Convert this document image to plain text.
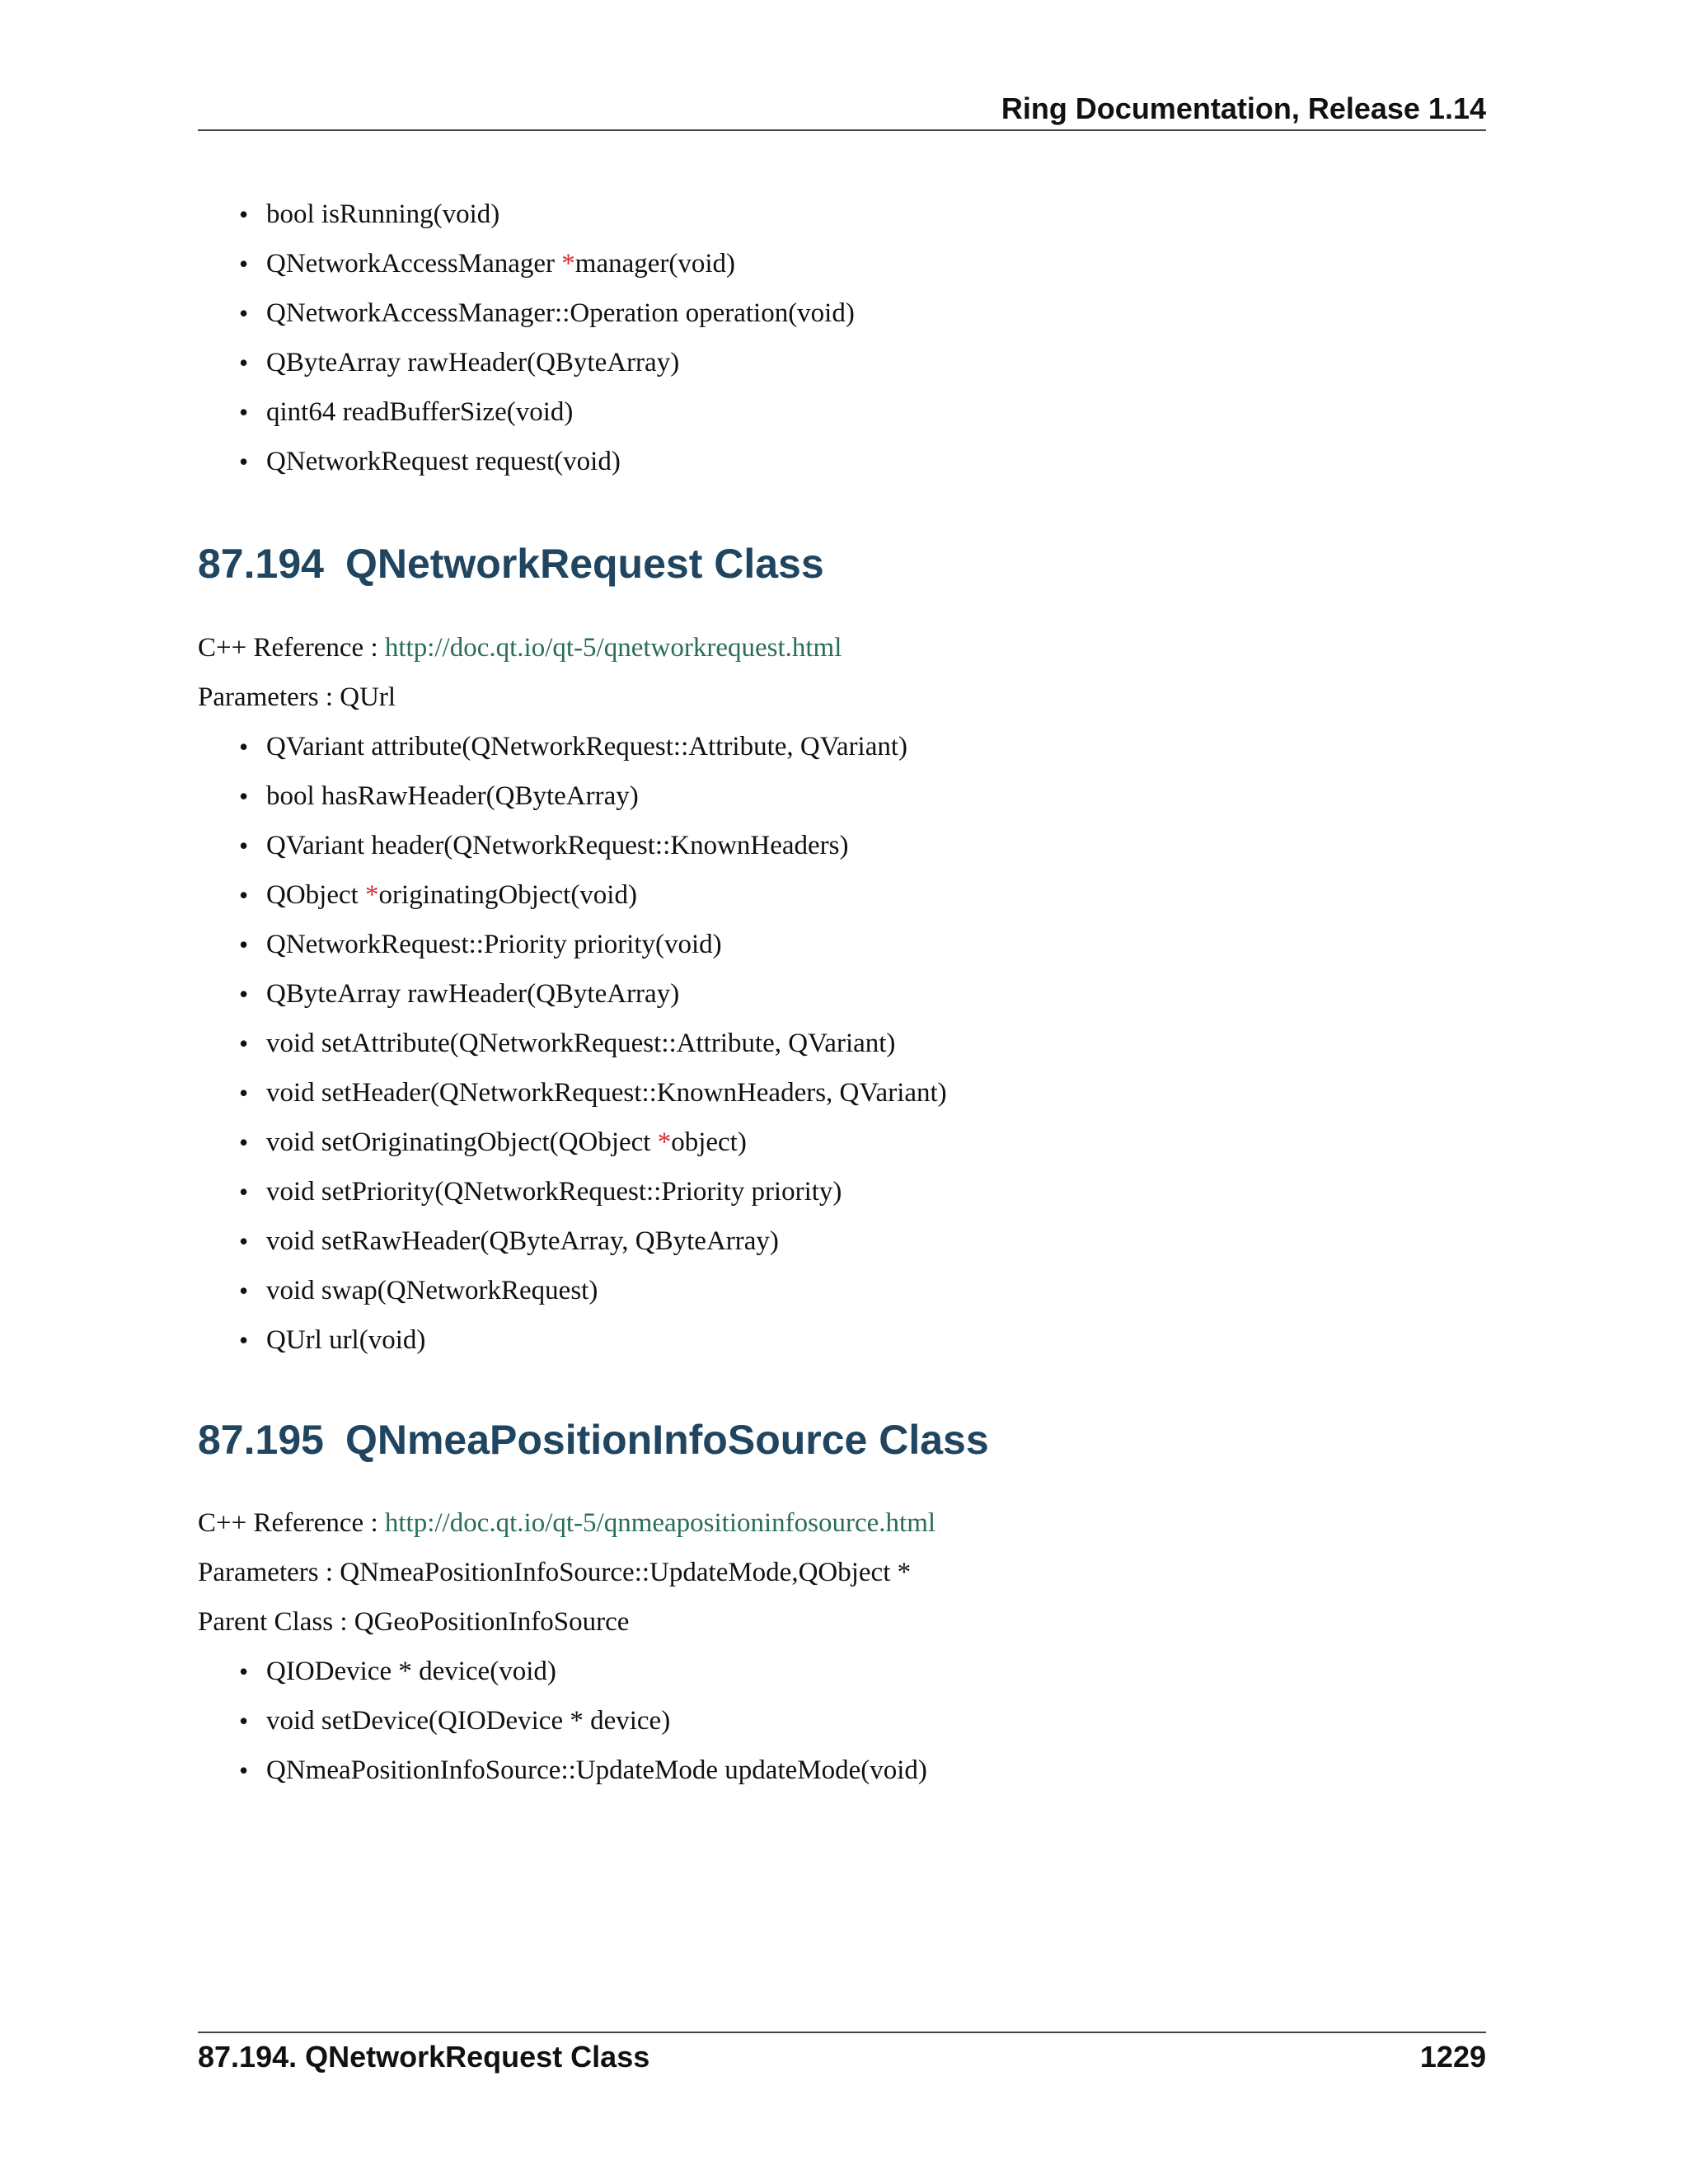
Ring Documentation, Release 1.14
• bool isRunning(void)
• QNetworkAccessManager *manager(void)
• QNetworkAccessManager::Operation operation(void)
• QByteArray rawHeader(QByteArray)
• qint64 readBufferSize(void)
• QNetworkRequest request(void)
87.194 QNetworkRequest Class
C++ Reference : http://doc.qt.io/qt-5/qnetworkrequest.html
Parameters : QUrl
• QVariant attribute(QNetworkRequest::Attribute, QVariant)
• bool hasRawHeader(QByteArray)
• QVariant header(QNetworkRequest::KnownHeaders)
• QObject *originatingObject(void)
• QNetworkRequest::Priority priority(void)
• QByteArray rawHeader(QByteArray)
• void setAttribute(QNetworkRequest::Attribute, QVariant)
• void setHeader(QNetworkRequest::KnownHeaders, QVariant)
• void setOriginatingObject(QObject *object)
• void setPriority(QNetworkRequest::Priority priority)
• void setRawHeader(QByteArray, QByteArray)
• void swap(QNetworkRequest)
• QUrl url(void)
87.195 QNmeaPositionInfoSource Class
C++ Reference : http://doc.qt.io/qt-5/qnmeapositioninfosource.html
Parameters : QNmeaPositionInfoSource::UpdateMode,QObject *
Parent Class : QGeoPositionInfoSource
• QIODevice * device(void)
• void setDevice(QIODevice * device)
• QNmeaPositionInfoSource::UpdateMode updateMode(void)
87.194. QNetworkRequest Class	1229
